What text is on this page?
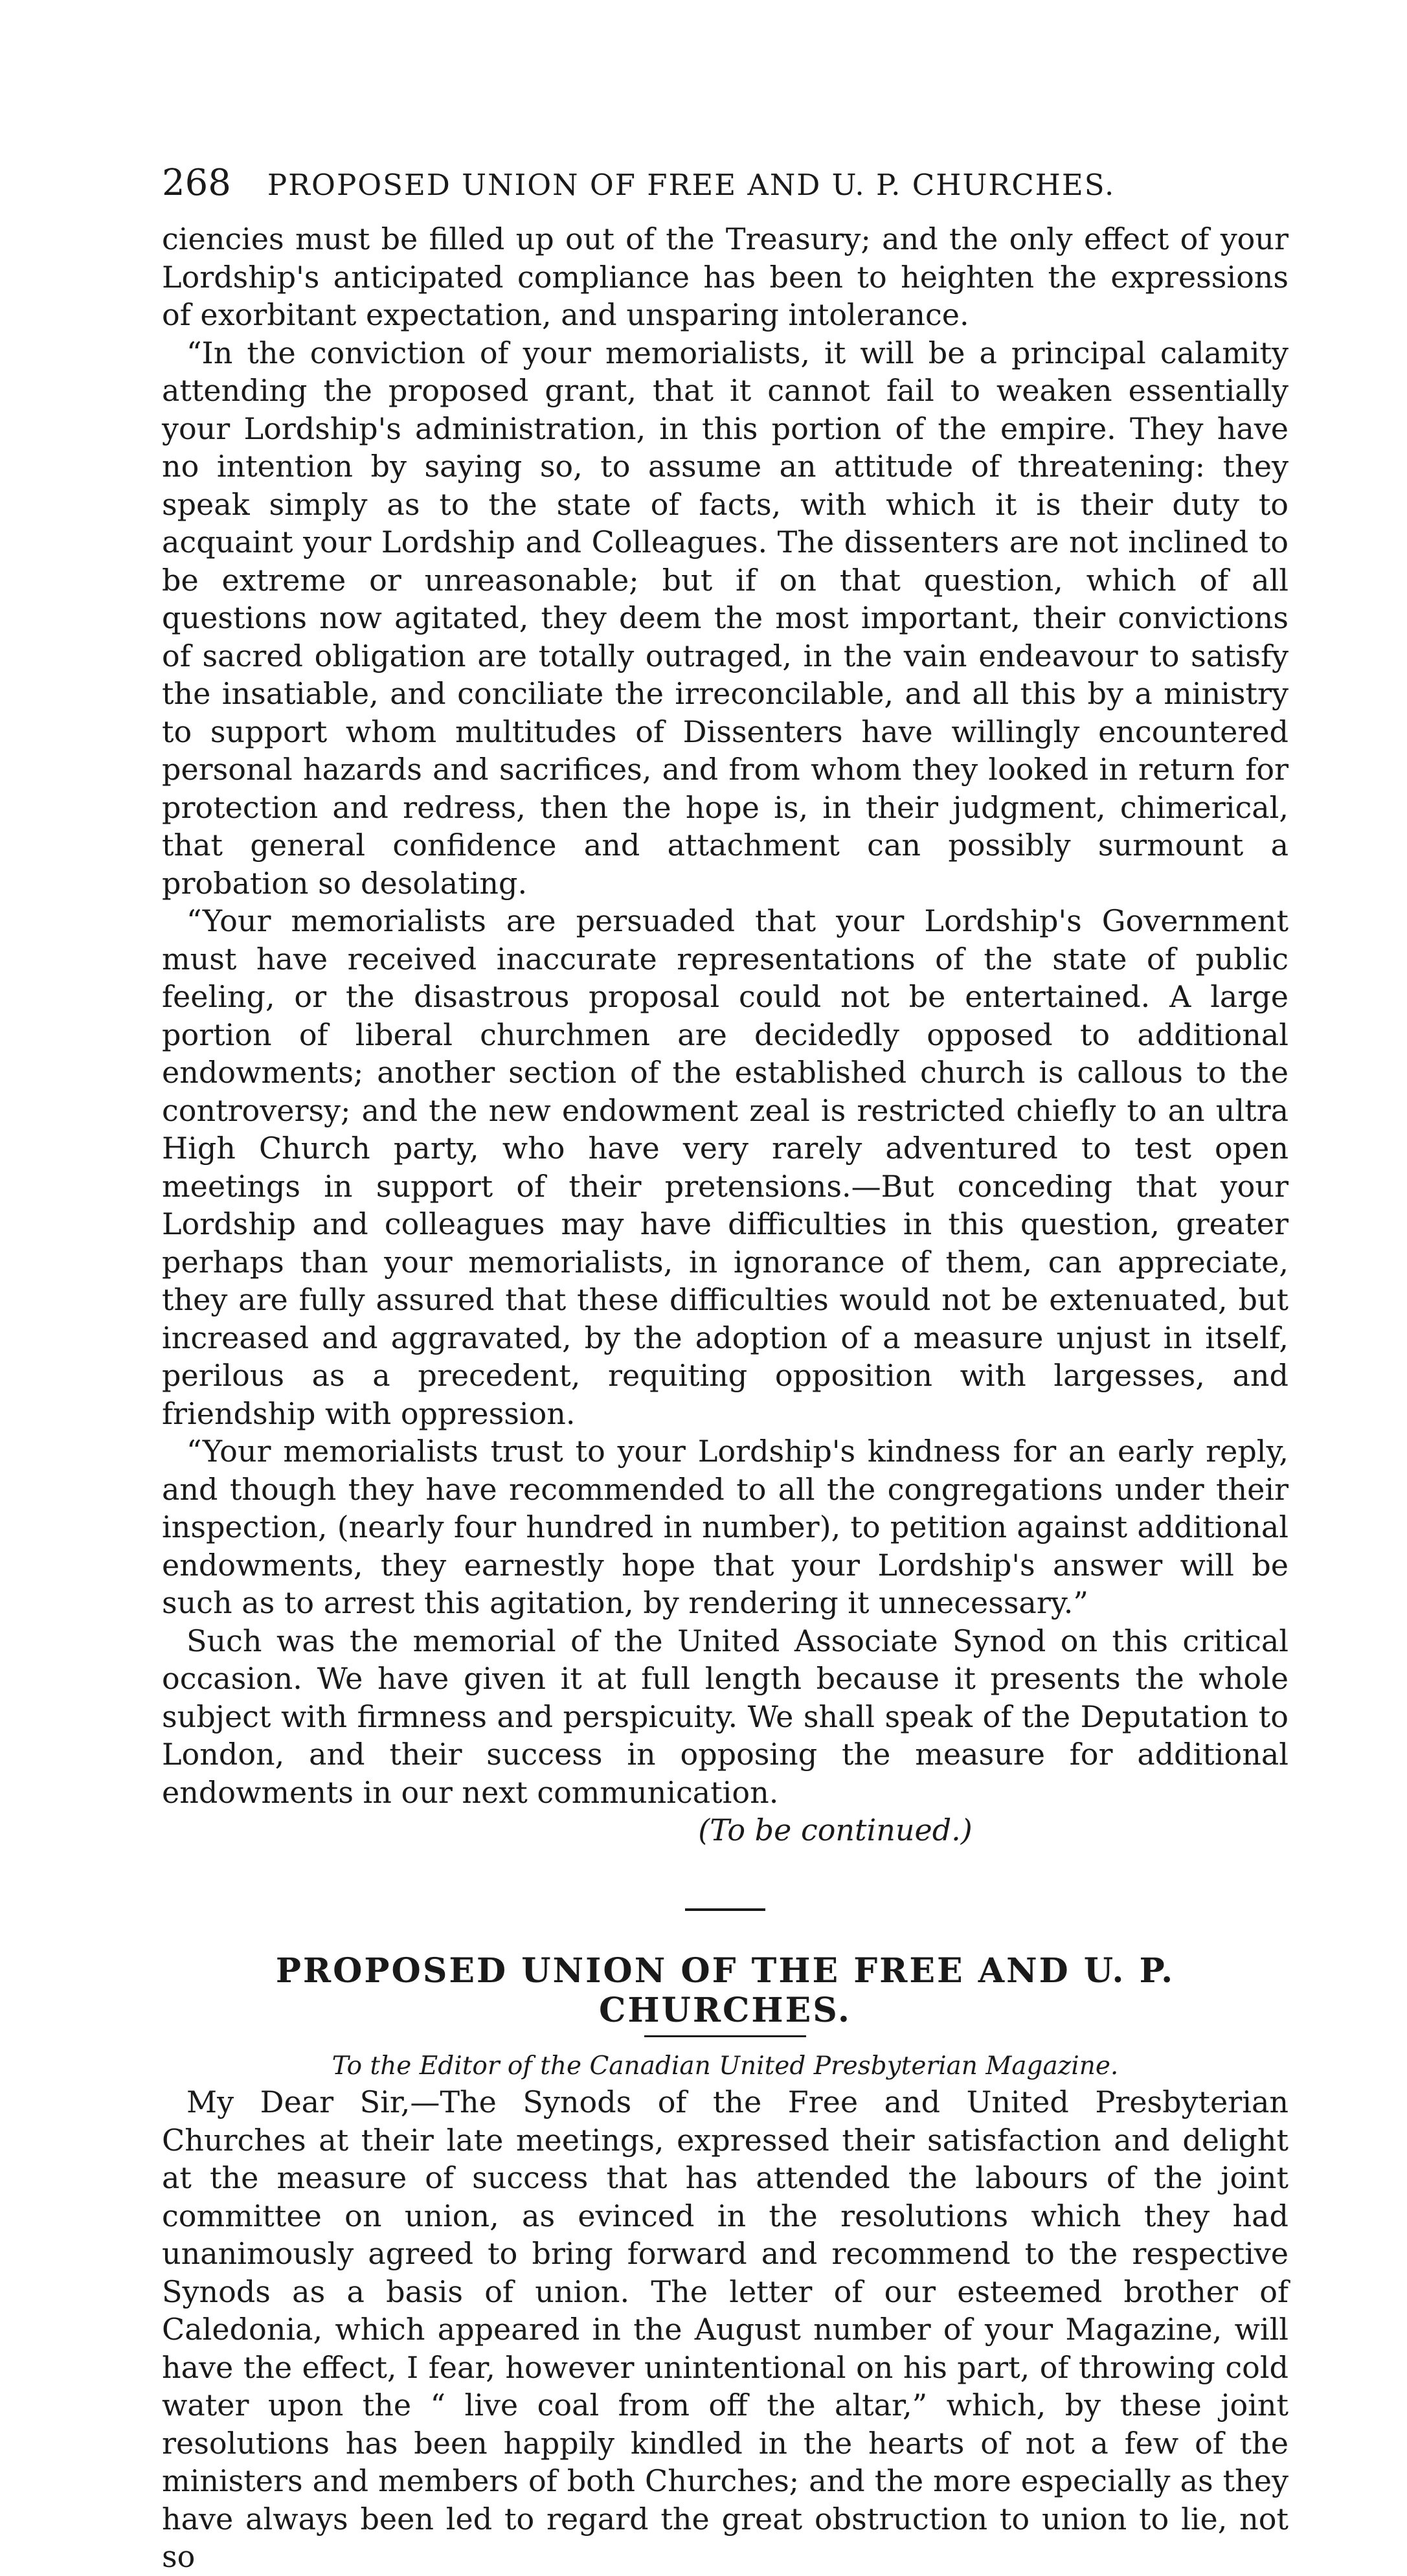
268 PROPOSED UNION OF FREE AND U. P. CHURCHES.

ciencies must be filled up out of the Treasury; and the only effect of your Lordship's anticipated compliance has been to heighten the expressions of exorbitant expectation, and unsparing intolerance.

“In the conviction of your memorialists, it will be a principal calamity attending the proposed grant, that it cannot fail to weaken essentially your Lordship's administration, in this portion of the empire. They have no intention by saying so, to assume an attitude of threatening: they speak simply as to the state of facts, with which it is their duty to acquaint your Lordship and Colleagues. The dissenters are not inclined to be extreme or unreasonable; but if on that question, which of all questions now agitated, they deem the most important, their convictions of sacred obligation are totally outraged, in the vain endeavour to satisfy the insatiable, and conciliate the irreconcilable, and all this by a ministry to support whom multitudes of Dissenters have willingly encountered personal hazards and sacrifices, and from whom they looked in return for protection and redress, then the hope is, in their judgment, chimerical, that general confidence and attachment can possibly surmount a probation so desolating.

“Your memorialists are persuaded that your Lordship's Government must have received inaccurate representations of the state of public feeling, or the disastrous proposal could not be entertained. A large portion of liberal churchmen are decidedly opposed to additional endowments; another section of the established church is callous to the controversy; and the new endowment zeal is restricted chiefly to an ultra High Church party, who have very rarely adventured to test open meetings in support of their pretensions.—But conceding that your Lordship and colleagues may have difficulties in this question, greater perhaps than your memorialists, in ignorance of them, can appreciate, they are fully assured that these difficulties would not be extenuated, but increased and aggravated, by the adoption of a measure unjust in itself, perilous as a precedent, requiting opposition with largesses, and friendship with oppression.

“Your memorialists trust to your Lordship's kindness for an early reply, and though they have recommended to all the congregations under their inspection, (nearly four hundred in number), to petition against additional endowments, they earnestly hope that your Lordship's answer will be such as to arrest this agitation, by rendering it unnecessary.”

Such was the memorial of the United Associate Synod on this critical occasion. We have given it at full length because it presents the whole subject with firmness and perspicuity. We shall speak of the Deputation to London, and their success in opposing the measure for additional endowments in our next communication.

(To be continued.)

PROPOSED UNION OF THE FREE AND U. P. CHURCHES.

To the Editor of the Canadian United Presbyterian Magazine.

My Dear Sir,—The Synods of the Free and United Presbyterian Churches at their late meetings, expressed their satisfaction and delight at the measure of success that has attended the labours of the joint committee on union, as evinced in the resolutions which they had unanimously agreed to bring forward and recommend to the respective Synods as a basis of union. The letter of our esteemed brother of Caledonia, which appeared in the August number of your Magazine, will have the effect, I fear, however unintentional on his part, of throwing cold water upon the “ live coal from off the altar,” which, by these joint resolutions has been happily kindled in the hearts of not a few of the ministers and members of both Churches; and the more especially as they have always been led to regard the great obstruction to union to lie, not so
